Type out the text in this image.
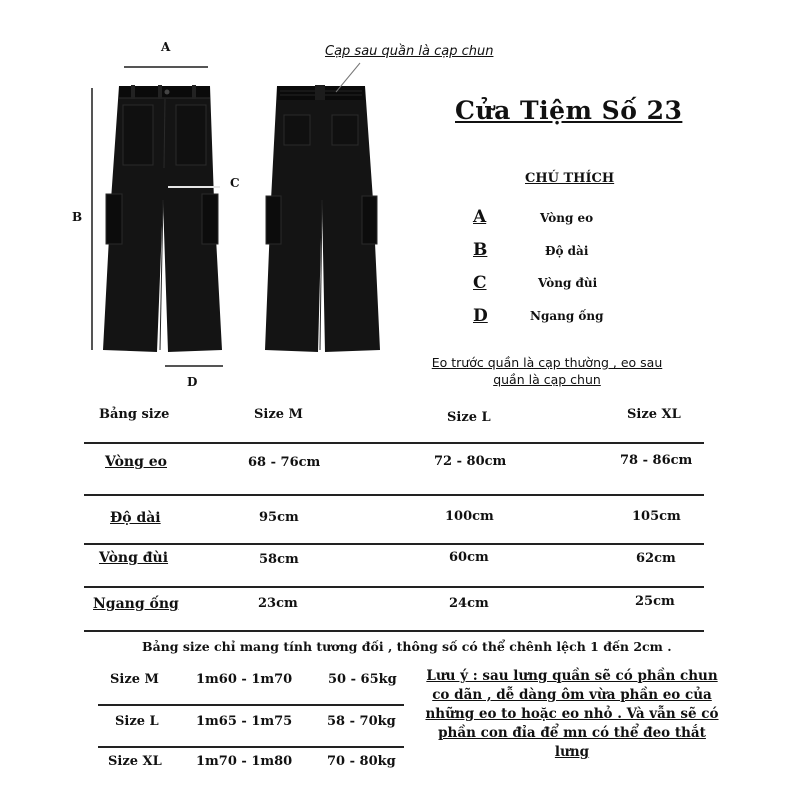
A
B
C
D
Cạp sau quần là cạp chun
Cửa Tiệm Số 23
CHÚ THÍCH
A	Vòng eo
B	Độ dài
C	Vòng đùi
D	Ngang ống
Eo trước quần là cạp thường , eo sau
quần là cạp chun
Bảng size	Size M	Size L	Size XL
Vòng eo	68 - 76cm	72 - 80cm	78 - 86cm
Độ dài	95cm	100cm	105cm
Vòng đùi	58cm	60cm	62cm
Ngang ống	23cm	24cm	25cm
Bảng size chỉ mang tính tương đối , thông số có thể chênh lệch 1 đến 2cm .
Size M	1m60 - 1m70	50 - 65kg
Size L	1m65 - 1m75	58 - 70kg
Size XL	1m70 - 1m80	70 - 80kg
Lưu ý : sau lưng quần sẽ có phần chun
co dãn , dễ dàng ôm vừa phần eo của
những eo to hoặc eo nhỏ . Và vẫn sẽ có
phần con đỉa để mn có thể đeo thắt
lưng
